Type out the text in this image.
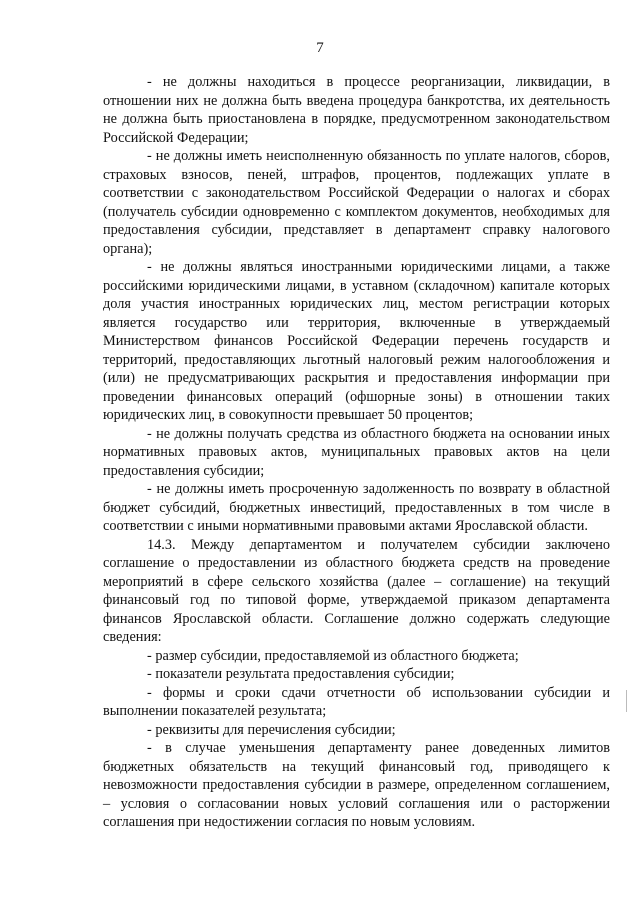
7

- не должны находиться в процессе реорганизации, ликвидации, в отношении них не должна быть введена процедура банкротства, их деятельность не должна быть приостановлена в порядке, предусмотренном законодательством Российской Федерации;

- не должны иметь неисполненную обязанность по уплате налогов, сборов, страховых взносов, пеней, штрафов, процентов, подлежащих уплате в соответствии с законодательством Российской Федерации о налогах и сборах (получатель субсидии одновременно с комплектом документов, необходимых для предоставления субсидии, представляет в департамент справку налогового органа);

- не должны являться иностранными юридическими лицами, а также российскими юридическими лицами, в уставном (складочном) капитале которых доля участия иностранных юридических лиц, местом регистрации которых является государство или территория, включенные в утверждаемый Министерством финансов Российской Федерации перечень государств и территорий, предоставляющих льготный налоговый режим налогообложения и (или) не предусматривающих раскрытия и предоставления информации при проведении финансовых операций (офшорные зоны) в отношении таких юридических лиц, в совокупности превышает 50 процентов;

- не должны получать средства из областного бюджета на основании иных нормативных правовых актов, муниципальных правовых актов на цели предоставления субсидии;

- не должны иметь просроченную задолженность по возврату в областной бюджет субсидий, бюджетных инвестиций, предоставленных в том числе в соответствии с иными нормативными правовыми актами Ярославской области.

14.3. Между департаментом и получателем субсидии заключено соглашение о предоставлении из областного бюджета средств на проведение мероприятий в сфере сельского хозяйства (далее – соглашение) на текущий финансовый год по типовой форме, утверждаемой приказом департамента финансов Ярославской области. Соглашение должно содержать следующие сведения:

- размер субсидии, предоставляемой из областного бюджета;

- показатели результата предоставления субсидии;

- формы и сроки сдачи отчетности об использовании субсидии и выполнении показателей результата;

- реквизиты для перечисления субсидии;

- в случае уменьшения департаменту ранее доведенных лимитов бюджетных обязательств на текущий финансовый год, приводящего к невозможности предоставления субсидии в размере, определенном соглашением, – условия о согласовании новых условий соглашения или о расторжении соглашения при недостижении согласия по новым условиям.
